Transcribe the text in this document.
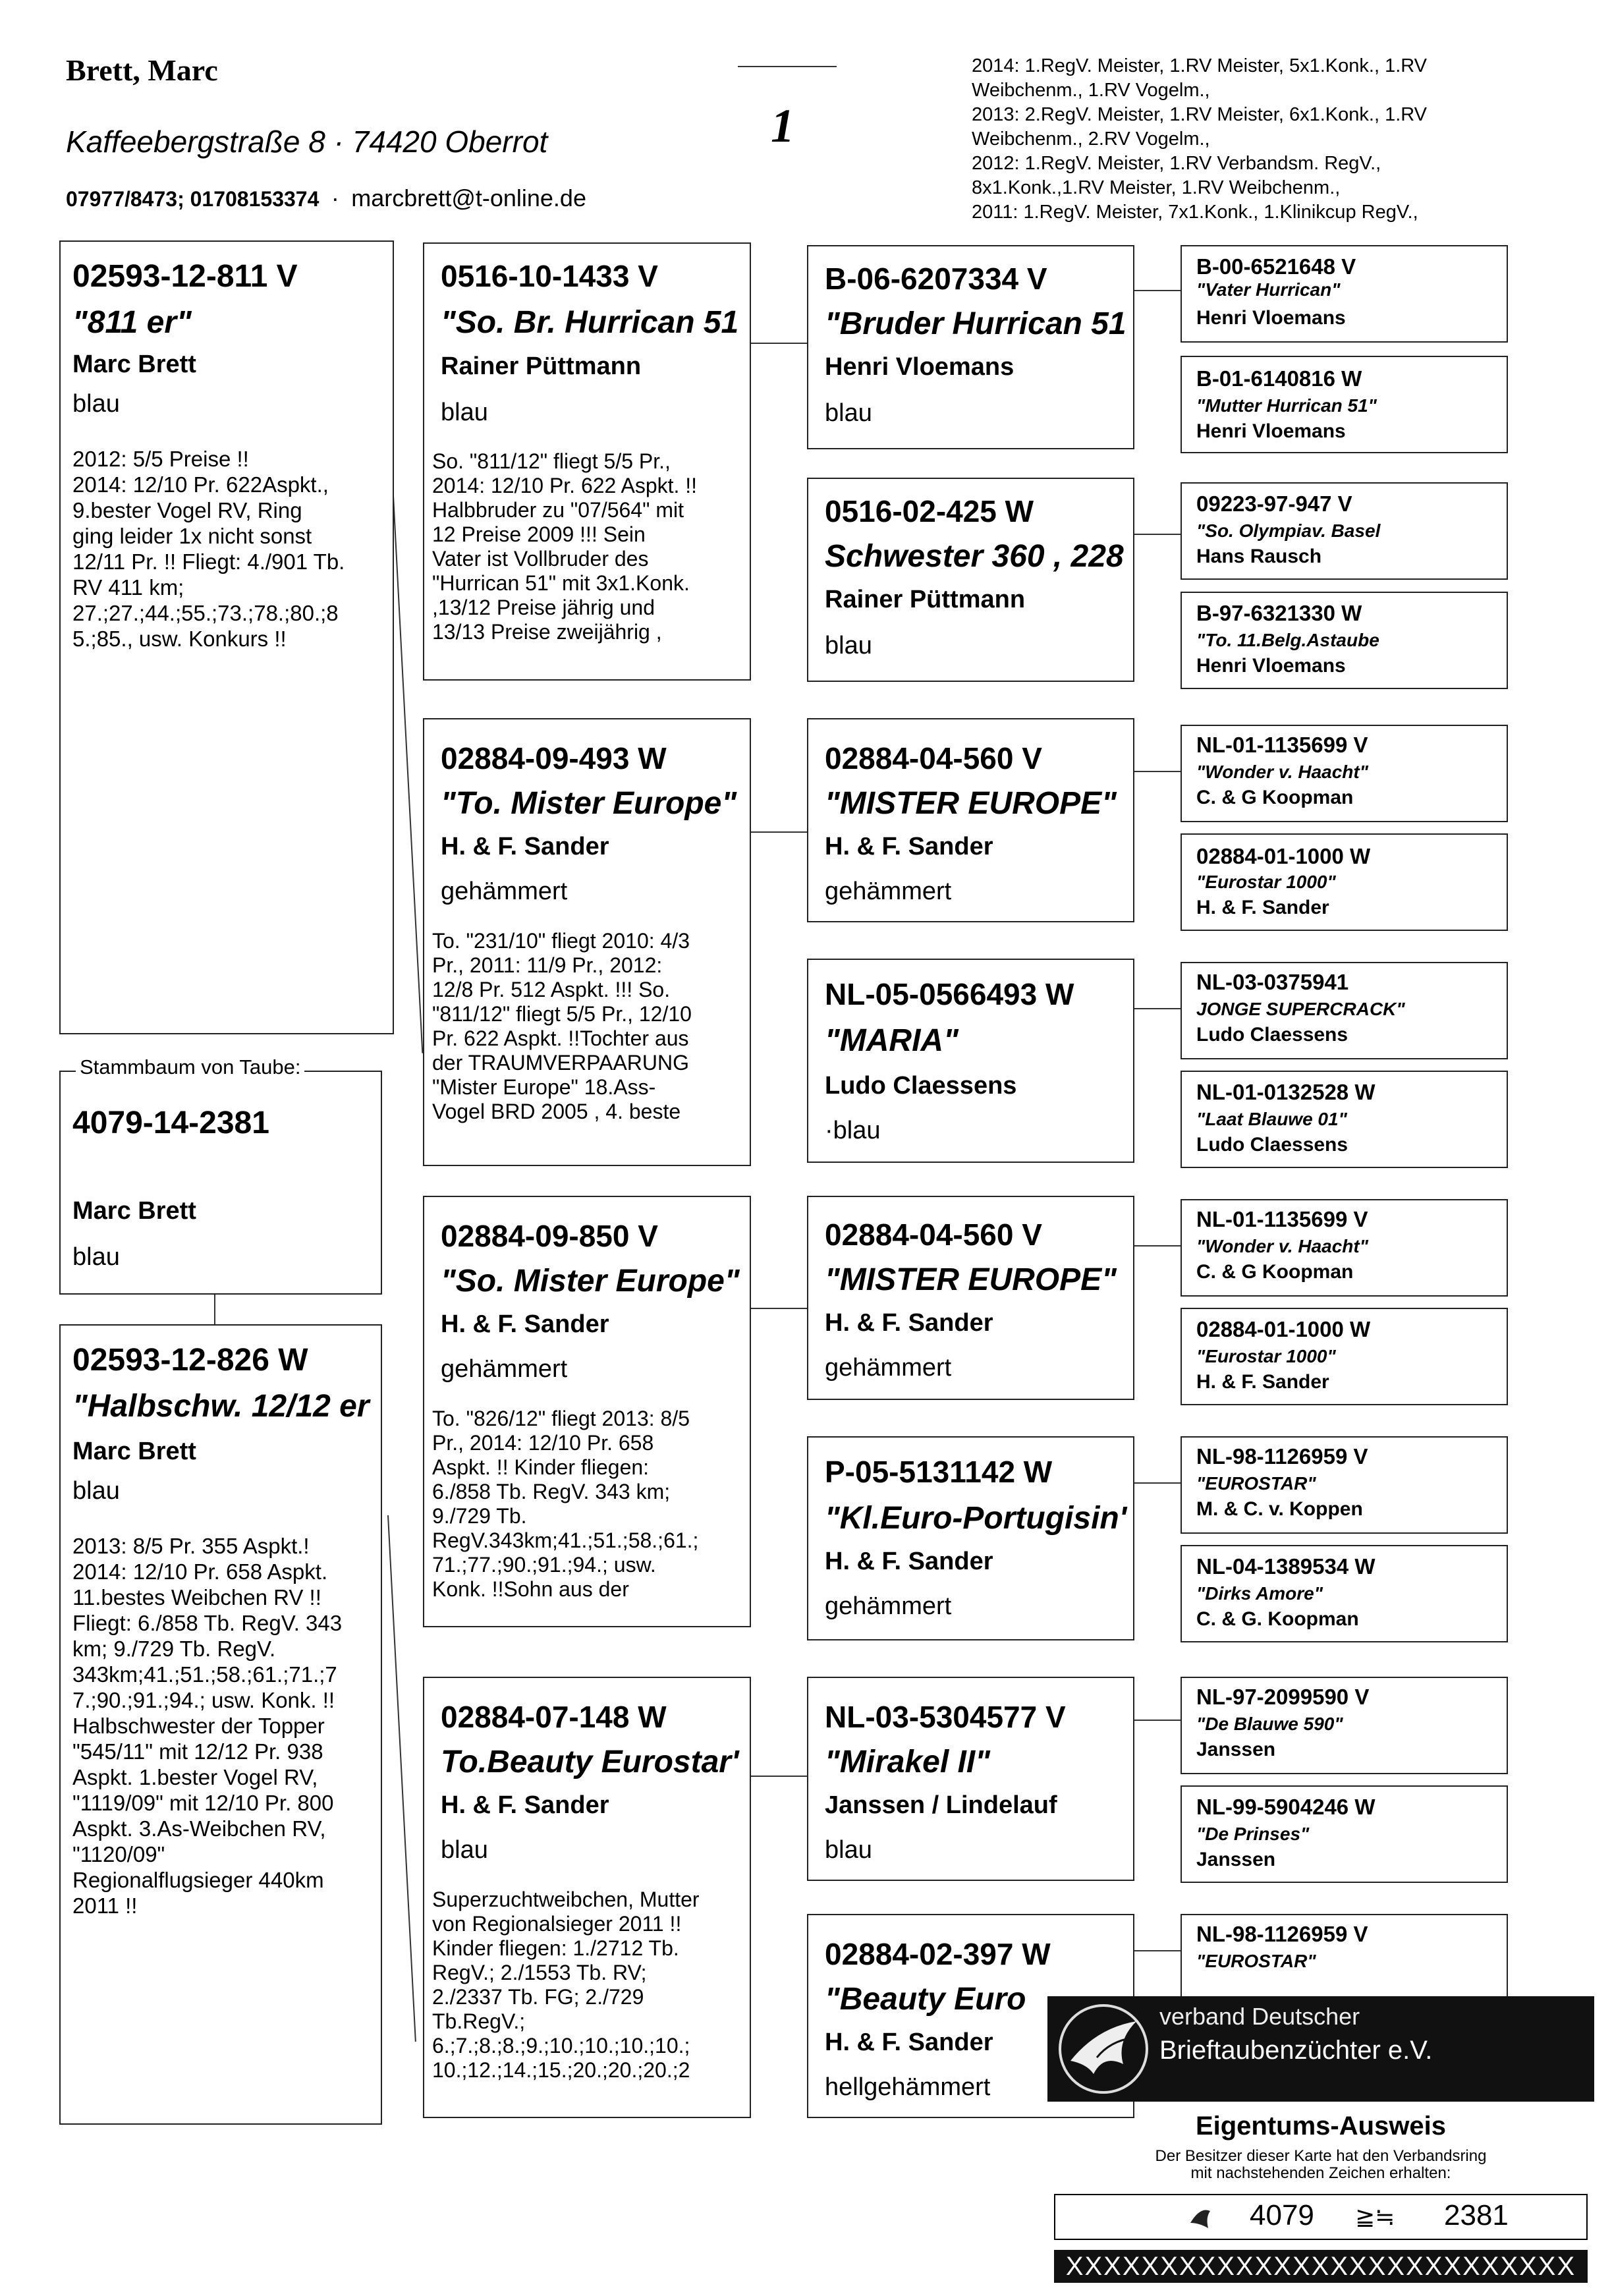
Brett, Marc
Kaffeebergstraße 8 · 74420 Oberrot
07977/8473; 01708153374 · marcbrett@t-online.de
1
2014: 1.RegV. Meister, 1.RV Meister, 5x1.Konk., 1.RV
Weibchenm., 1.RV Vogelm.,
2013: 2.RegV. Meister, 1.RV Meister, 6x1.Konk., 1.RV
Weibchenm., 2.RV Vogelm.,
2012: 1.RegV. Meister, 1.RV Verbandsm. RegV.,
8x1.Konk.,1.RV Meister, 1.RV Weibchenm.,
2011: 1.RegV. Meister, 7x1.Konk., 1.Klinikcup RegV.,
02593-12-811 V
"811 er"
Marc Brett
blau
2012: 5/5 Preise !!
2014: 12/10 Pr. 622Aspkt.,
9.bester Vogel RV, Ring
ging leider 1x nicht sonst
12/11 Pr. !! Fliegt: 4./901 Tb.
RV 411 km;
27.;27.;44.;55.;73.;78.;80.;8
5.;85., usw. Konkurs !!
4079-14-2381
Marc Brett
blau
Stammbaum von Taube:
02593-12-826 W
"Halbschw. 12/12 er
Marc Brett
blau
2013: 8/5 Pr. 355 Aspkt.!
2014: 12/10 Pr. 658 Aspkt.
11.bestes Weibchen RV !!
Fliegt: 6./858 Tb. RegV. 343
km; 9./729 Tb. RegV.
343km;41.;51.;58.;61.;71.;7
7.;90.;91.;94.; usw. Konk. !!
Halbschwester der Topper
"545/11" mit 12/12 Pr. 938
Aspkt. 1.bester Vogel RV,
"1119/09" mit 12/10 Pr. 800
Aspkt. 3.As-Weibchen RV,
"1120/09"
Regionalflugsieger 440km
2011 !!
0516-10-1433 V
"So. Br. Hurrican 51
Rainer Püttmann
blau
So. "811/12" fliegt 5/5 Pr.,
2014: 12/10 Pr. 622 Aspkt. !!
Halbbruder zu "07/564" mit
12 Preise 2009 !!! Sein
Vater ist Vollbruder des
"Hurrican 51" mit 3x1.Konk.
,13/12 Preise jährig und
13/13 Preise zweijährig ,
02884-09-493 W
"To. Mister Europe"
H. & F. Sander
gehämmert
To. "231/10" fliegt 2010: 4/3
Pr., 2011: 11/9 Pr., 2012:
12/8 Pr. 512 Aspkt. !!! So.
"811/12" fliegt 5/5 Pr., 12/10
Pr. 622 Aspkt. !!Tochter aus
der TRAUMVERPAARUNG
"Mister Europe" 18.Ass-
Vogel BRD 2005 , 4. beste
02884-09-850 V
"So. Mister Europe"
H. & F. Sander
gehämmert
To. "826/12" fliegt 2013: 8/5
Pr., 2014: 12/10 Pr. 658
Aspkt. !! Kinder fliegen:
6./858 Tb. RegV. 343 km;
9./729 Tb.
RegV.343km;41.;51.;58.;61.;
71.;77.;90.;91.;94.; usw.
Konk. !!Sohn aus der
02884-07-148 W
To.Beauty Eurostar'
H. & F. Sander
blau
Superzuchtweibchen, Mutter
von Regionalsieger 2011 !!
Kinder fliegen: 1./2712 Tb.
RegV.; 2./1553 Tb. RV;
2./2337 Tb. FG; 2./729
Tb.RegV.;
6.;7.;8.;8.;9.;10.;10.;10.;10.;
10.;12.;14.;15.;20.;20.;20.;2
B-06-6207334 V
"Bruder Hurrican 51
Henri Vloemans
blau
0516-02-425 W
Schwester 360 , 228
Rainer Püttmann
blau
02884-04-560 V
"MISTER EUROPE"
H. & F. Sander
gehämmert
NL-05-0566493 W
"MARIA"
Ludo Claessens
·blau
02884-04-560 V
"MISTER EUROPE"
H. & F. Sander
gehämmert
P-05-5131142 W
"Kl.Euro-Portugisin'
H. & F. Sander
gehämmert
NL-03-5304577 V
"Mirakel II"
Janssen / Lindelauf
blau
02884-02-397 W
"Beauty Euro
H. & F. Sander
hellgehämmert
B-00-6521648 V
"Vater Hurrican"
Henri Vloemans
B-01-6140816 W
"Mutter Hurrican 51"
Henri Vloemans
09223-97-947 V
"So. Olympiav. Basel
Hans Rausch
B-97-6321330 W
"To. 11.Belg.Astaube
Henri Vloemans
NL-01-1135699 V
"Wonder v. Haacht"
C. & G Koopman
02884-01-1000 W
"Eurostar 1000"
H. & F. Sander
NL-03-0375941
JONGE SUPERCRACK"
Ludo Claessens
NL-01-0132528 W
"Laat Blauwe 01"
Ludo Claessens
NL-01-1135699 V
"Wonder v. Haacht"
C. & G Koopman
02884-01-1000 W
"Eurostar 1000"
H. & F. Sander
NL-98-1126959 V
"EUROSTAR"
M. & C. v. Koppen
NL-04-1389534 W
"Dirks Amore"
C. & G. Koopman
NL-97-2099590 V
"De Blauwe 590"
Janssen
NL-99-5904246 W
"De Prinses"
Janssen
NL-98-1126959 V
"EUROSTAR"
verband Deutscher
Brieftaubenzüchter e.V.
Eigentums-Ausweis
Der Besitzer dieser Karte hat den Verbandsring
mit nachstehenden Zeichen erhalten:
4079 ≧≒ 2381
XXXXXXXXXXXXXXXXXXXXXXXXXXX
